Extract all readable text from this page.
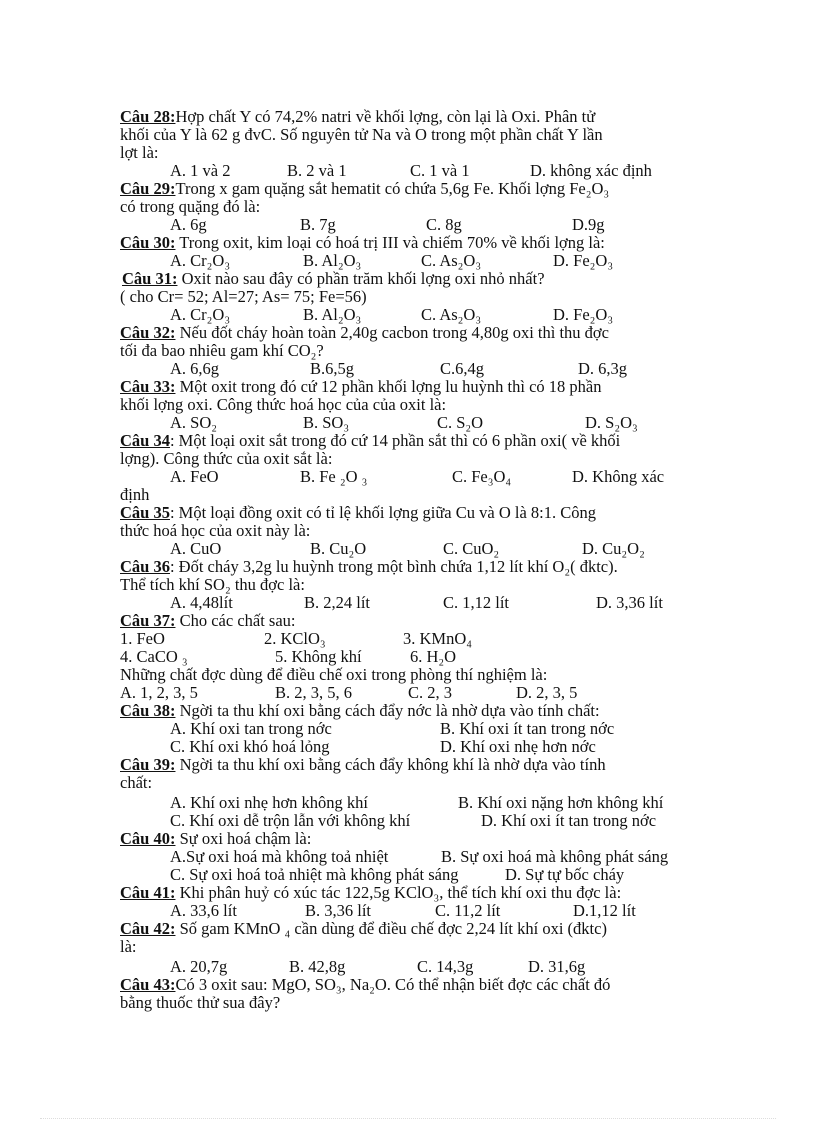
Câu 28:Hợp chất Y có 74,2% natri về khối lợng, còn lại là Oxi. Phân tử
khối của Y là 62 g đvC. Số nguyên tử Na và O trong một phần chất Y lần
lợt là:
A. 1 và 2	B. 2 và 1	C. 1 và 1	D. không xác định
Câu 29:Trong x gam quặng sắt hematit có chứa 5,6g Fe. Khối lợng Fe₂O₃
có trong quặng đó là:
A. 6g	B. 7g	C. 8g	D.9g
Câu 30: Trong oxit, kim loại có hoá trị III và chiếm 70% về khối lợng là:
A. Cr₂O₃	B. Al₂O₃	C. As₂O₃	D. Fe₂O₃
Câu 31: Oxit nào sau đây có phần trăm khối lợng oxi nhỏ nhất?
( cho Cr= 52; Al=27; As= 75; Fe=56)
A. Cr₂O₃	B. Al₂O₃	C. As₂O₃	D. Fe₂O₃
Câu 32: Nếu đốt cháy hoàn toàn 2,40g cacbon trong 4,80g oxi thì thu đợc
tối đa bao nhiêu gam khí CO₂?
A. 6,6g	B.6,5g	C.6,4g	D. 6,3g
Câu 33: Một oxit trong đó cứ 12 phần khối lợng lu huỳnh thì có 18 phần
khối lợng oxi. Công thức hoá học của của oxit là:
A. SO₂	B. SO₃	C. S₂O	D. S₂O₃
Câu 34: Một loại oxit sắt trong đó cứ 14 phần sắt thì có 6 phần oxi( về khối
lợng). Công thức của oxit sắt là:
A. FeO	B. Fe ₂O ₃	C. Fe₃O₄	D. Không xác
định
Câu 35: Một loại đồng oxit có tỉ lệ khối lợng giữa Cu và O là 8:1. Công
thức hoá học của oxit này là:
A. CuO	B. Cu₂O	C. CuO₂	D. Cu₂O₂
Câu 36: Đốt cháy 3,2g lu huỳnh trong một bình chứa 1,12 lít khí O₂( đktc).
Thể tích khí SO₂ thu đợc là:
A. 4,48lít	B. 2,24 lít	C. 1,12 lít	D. 3,36 lít
Câu 37: Cho các chất sau:
1. FeO	2. KClO₃	3. KMnO₄
4. CaCO ₃	5. Không khí	6. H₂O
Những chất đợc dùng để điều chế oxi trong phòng thí nghiệm là:
A. 1, 2, 3, 5	B. 2, 3, 5, 6	C. 2, 3	D. 2, 3, 5
Câu 38: Ngời ta thu khí oxi bằng cách đẩy nớc là nhờ dựa vào tính chất:
A. Khí oxi tan trong nớc	B. Khí oxi ít tan trong nớc
C. Khí oxi khó hoá lỏng	D. Khí oxi nhẹ hơn nớc
Câu 39: Ngời ta thu khí oxi bằng cách đẩy không khí là nhờ dựa vào tính
chất:
A. Khí oxi nhẹ hơn không khí	B. Khí oxi nặng hơn không khí
C. Khí oxi dễ trộn lẫn với không khí	D. Khí oxi ít tan trong nớc
Câu 40: Sự oxi hoá chậm là:
A.Sự oxi hoá mà không toả nhiệt	B. Sự oxi hoá mà không phát sáng
C. Sự oxi hoá toả nhiệt mà không phát sáng	D. Sự tự bốc cháy
Câu 41: Khi phân huỷ có xúc tác 122,5g KClO₃, thể tích khí oxi thu đợc là:
A. 33,6 lít	B. 3,36 lít	C. 11,2 lít	D.1,12 lít
Câu 42: Số gam KMnO ₄ cần dùng để điều chế đợc 2,24 lít khí oxi (đktc)
là:
A. 20,7g	B. 42,8g	C. 14,3g	D. 31,6g
Câu 43:Có 3 oxit sau: MgO, SO₃, Na₂O. Có thể nhận biết đợc các chất đó
bằng thuốc thử sua đây?
